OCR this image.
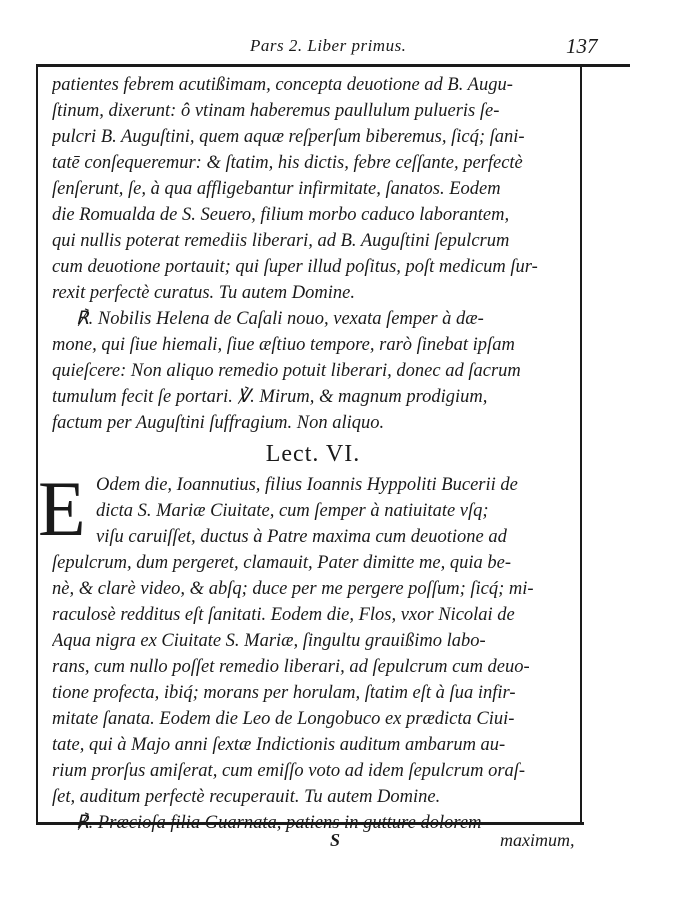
Pars 2. Liber primus.	137
patientes febrem acutißimam, concepta deuotione ad B. Augu-
ſtinum, dixerunt: ô vtinam haberemus paullulum pulueris ſe-
pulcri B. Auguſtini, quem aquæ reſperſum biberemus, ſicq́; ſani-
tatē conſequeremur: & ſtatim, his dictis, febre ceſſante, perfectè
ſenſerunt, ſe, à qua affligebantur infirmitate, ſanatos. Eodem
die Romualda de S. Seuero, filium morbo caduco laborantem,
qui nullis poterat remediis liberari, ad B. Auguſtini ſepulcrum
cum deuotione portauit; qui ſuper illud poſitus, poſt medicum ſur-
rexit perfectè curatus. Tu autem Domine.
℟. Nobilis Helena de Caſali nouo, vexata ſemper à dæ-
mone, qui ſiue hiemali, ſiue æſtiuo tempore, rarò ſinebat ipſam
quieſcere: Non aliquo remedio potuit liberari, donec ad ſacrum
tumulum fecit ſe portari. ℣. Mirum, & magnum prodigium,
factum per Auguſtini ſuffragium. Non aliquo.
Lect. VI.
E Odem die, Ioannutius, filius Ioannis Hyppoliti Bucerii de
dicta S. Mariæ Ciuitate, cum ſemper à natiuitate vſq;
viſu caruiſſet, ductus à Patre maxima cum deuotione ad
ſepulcrum, dum pergeret, clamauit, Pater dimitte me, quia be-
nè, & clarè video, & abſq; duce per me pergere poſſum; ſicq́; mi-
raculosè redditus eſt ſanitati. Eodem die, Flos, vxor Nicolai de
Aqua nigra ex Ciuitate S. Mariæ, ſingultu grauißimo labo-
rans, cum nullo poſſet remedio liberari, ad ſepulcrum cum deuo-
tione profecta, ibiq́; morans per horulam, ſtatim eſt à ſua infir-
mitate ſanata. Eodem die Leo de Longobuco ex prædicta Ciui-
tate, qui à Majo anni ſextæ Indictionis auditum ambarum au-
rium prorſus amiſerat, cum emiſſo voto ad idem ſepulcrum oraſ-
ſet, auditum perfectè recuperauit. Tu autem Domine.
℟. Præcioſa filia Guarnata, patiens in gutture dolorem
S	maximum,
